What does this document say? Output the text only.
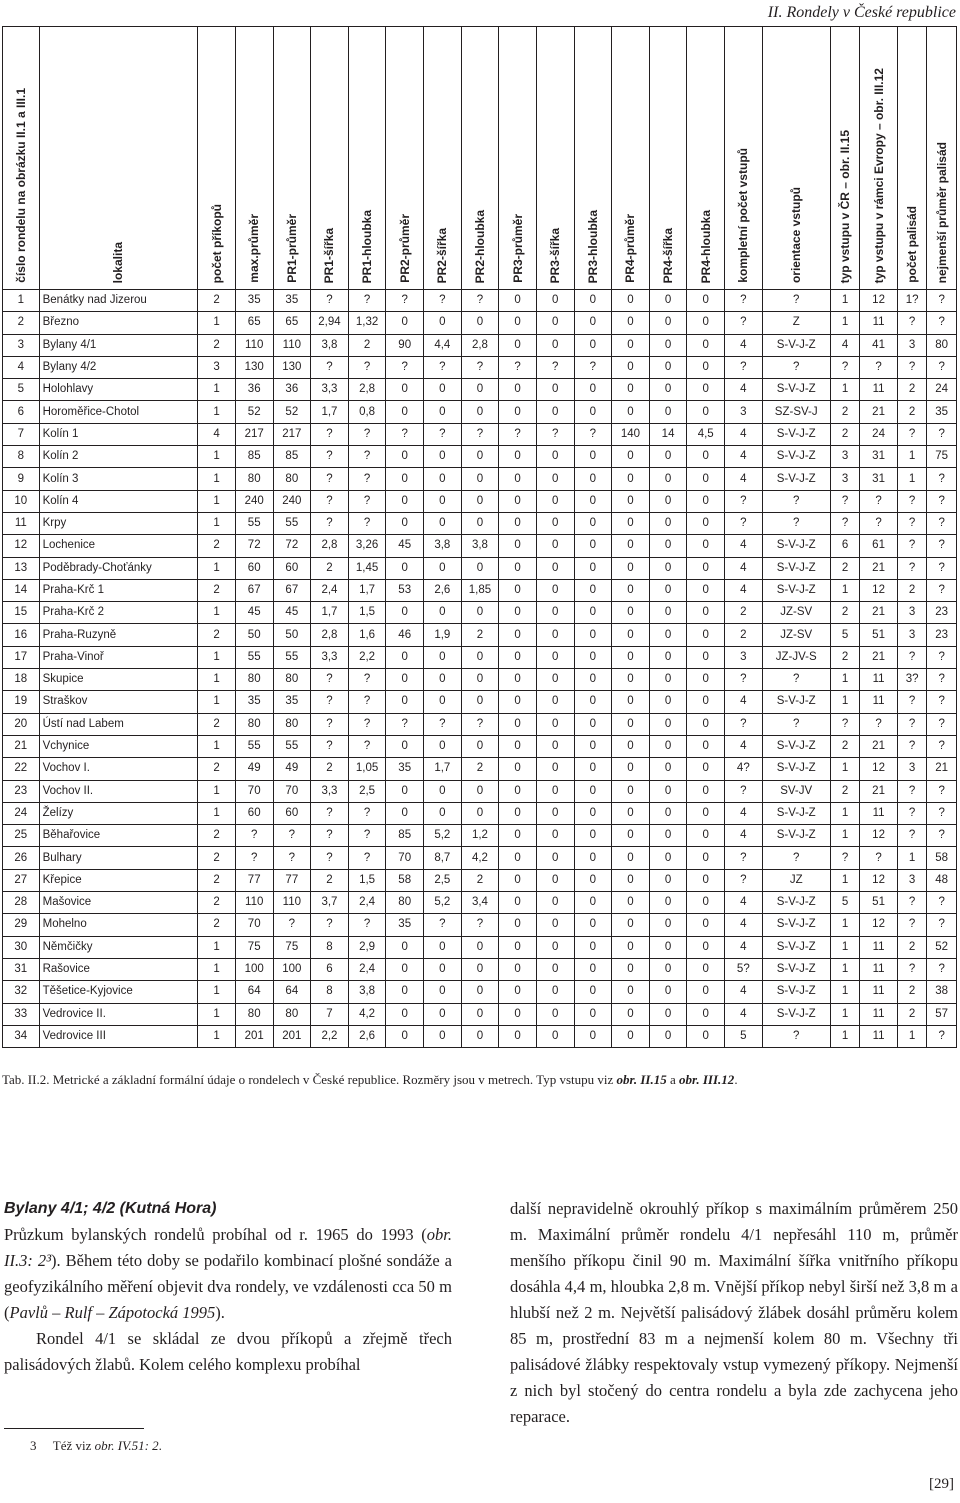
II. Rondely v České republice
číslo rondelu na obrázku II.1 a III.1	lokalita	počet příkopů	max.průměr	PR1-průměr	PR1-šířka	PR1-hloubka	PR2-průměr	PR2-šířka	PR2-hloubka	PR3-průměr	PR3-šířka	PR3-hloubka	PR4-průměr	PR4-šířka	PR4-hloubka	kompletní počet vstupů	orientace vstupů	typ vstupu v ČR – obr. II.15	typ vstupu v rámci Evropy – obr. III.12	počet palisád	nejmenší průměr palisád

1	Benátky nad Jizerou	2	35	35	?	?	?	?	?	0	0	0	0	0	0	?	?	1	12	1?	?
2	Březno	1	65	65	2,94	1,32	0	0	0	0	0	0	0	0	0	?	Z	1	11	?	?
3	Bylany 4/1	2	110	110	3,8	2	90	4,4	2,8	0	0	0	0	0	0	4	S-V-J-Z	4	41	3	80
4	Bylany 4/2	3	130	130	?	?	?	?	?	?	?	?	0	0	0	?	?	?	?	?	?
5	Holohlavy	1	36	36	3,3	2,8	0	0	0	0	0	0	0	0	0	4	S-V-J-Z	1	11	2	24
6	Horoměřice-Chotol	1	52	52	1,7	0,8	0	0	0	0	0	0	0	0	0	3	SZ-SV-J	2	21	2	35
7	Kolín 1	4	217	217	?	?	?	?	?	?	?	?	140	14	4,5	4	S-V-J-Z	2	24	?	?
8	Kolín 2	1	85	85	?	?	0	0	0	0	0	0	0	0	0	4	S-V-J-Z	3	31	1	75
9	Kolín 3	1	80	80	?	?	0	0	0	0	0	0	0	0	0	4	S-V-J-Z	3	31	1	?
10	Kolín 4	1	240	240	?	?	0	0	0	0	0	0	0	0	0	?	?	?	?	?	?
11	Krpy	1	55	55	?	?	0	0	0	0	0	0	0	0	0	?	?	?	?	?	?
12	Lochenice	2	72	72	2,8	3,26	45	3,8	3,8	0	0	0	0	0	0	4	S-V-J-Z	6	61	?	?
13	Poděbrady-Choťánky	1	60	60	2	1,45	0	0	0	0	0	0	0	0	0	4	S-V-J-Z	2	21	?	?
14	Praha-Krč 1	2	67	67	2,4	1,7	53	2,6	1,85	0	0	0	0	0	0	4	S-V-J-Z	1	12	2	?
15	Praha-Krč 2	1	45	45	1,7	1,5	0	0	0	0	0	0	0	0	0	2	JZ-SV	2	21	3	23
16	Praha-Ruzyně	2	50	50	2,8	1,6	46	1,9	2	0	0	0	0	0	0	2	JZ-SV	5	51	3	23
17	Praha-Vinoř	1	55	55	3,3	2,2	0	0	0	0	0	0	0	0	0	3	JZ-JV-S	2	21	?	?
18	Skupice	1	80	80	?	?	0	0	0	0	0	0	0	0	0	?	?	1	11	3?	?
19	Straškov	1	35	35	?	?	0	0	0	0	0	0	0	0	0	4	S-V-J-Z	1	11	?	?
20	Ústí nad Labem	2	80	80	?	?	?	?	?	0	0	0	0	0	0	?	?	?	?	?	?
21	Vchynice	1	55	55	?	?	0	0	0	0	0	0	0	0	0	4	S-V-J-Z	2	21	?	?
22	Vochov I.	2	49	49	2	1,05	35	1,7	2	0	0	0	0	0	0	4?	S-V-J-Z	1	12	3	21
23	Vochov II.	1	70	70	3,3	2,5	0	0	0	0	0	0	0	0	0	?	SV-JV	2	21	?	?
24	Želízy	1	60	60	?	?	0	0	0	0	0	0	0	0	0	4	S-V-J-Z	1	11	?	?
25	Běhařovice	2	?	?	?	?	85	5,2	1,2	0	0	0	0	0	0	4	S-V-J-Z	1	12	?	?
26	Bulhary	2	?	?	?	?	70	8,7	4,2	0	0	0	0	0	0	?	?	?	?	1	58
27	Křepice	2	77	77	2	1,5	58	2,5	2	0	0	0	0	0	0	?	JZ	1	12	3	48
28	Mašovice	2	110	110	3,7	2,4	80	5,2	3,4	0	0	0	0	0	0	4	S-V-J-Z	5	51	?	?
29	Mohelno	2	70	?	?	?	35	?	?	0	0	0	0	0	0	4	S-V-J-Z	1	12	?	?
30	Němčičky	1	75	75	8	2,9	0	0	0	0	0	0	0	0	0	4	S-V-J-Z	1	11	2	52
31	Rašovice	1	100	100	6	2,4	0	0	0	0	0	0	0	0	0	5?	S-V-J-Z	1	11	?	?
32	Těšetice-Kyjovice	1	64	64	8	3,8	0	0	0	0	0	0	0	0	0	4	S-V-J-Z	1	11	2	38
33	Vedrovice II.	1	80	80	7	4,2	0	0	0	0	0	0	0	0	0	4	S-V-J-Z	1	11	2	57
34	Vedrovice III	1	201	201	2,2	2,6	0	0	0	0	0	0	0	0	0	5	?	1	11	1	?
Tab. II.2. Metrické a základní formální údaje o rondelech v České republice. Rozměry jsou v metrech. Typ vstupu viz obr. II.15 a obr. III.12.

Bylany 4/1; 4/2 (Kutná Hora)

Průzkum bylanských rondelů probíhal od r. 1965 do 1993 (obr. II.3: 2³). Během této doby se podařilo kombinací plošné sondáže a geofyzikálního měření objevit dva rondely, ve vzdálenosti cca 50 m (Pavlů – Rulf – Zápotocká 1995).

Rondel 4/1 se skládal ze dvou příkopů a zřejmě třech palisádových žlabů. Kolem celého komplexu probíhal

další nepravidelně okrouhlý příkop s maximálním průměrem 250 m. Maximální průměr rondelu 4/1 nepřesáhl 110 m, průměr menšího příkopu činil 90 m. Maximální šířka vnitřního příkopu dosáhla 4,4 m, hloubka 2,8 m. Vnější příkop nebyl širší než 3,8 m a hlubší než 2 m. Největší palisádový žlábek dosáhl průměru kolem 85 m, prostřední 83 m a nejmenší kolem 80 m. Všechny tři palisádové žlábky respektovaly vstup vymezený příkopy. Nejmenší z nich byl stočený do centra rondelu a byla zde zachycena jeho reparace.

3 Též viz obr. IV.51: 2.
[29]
